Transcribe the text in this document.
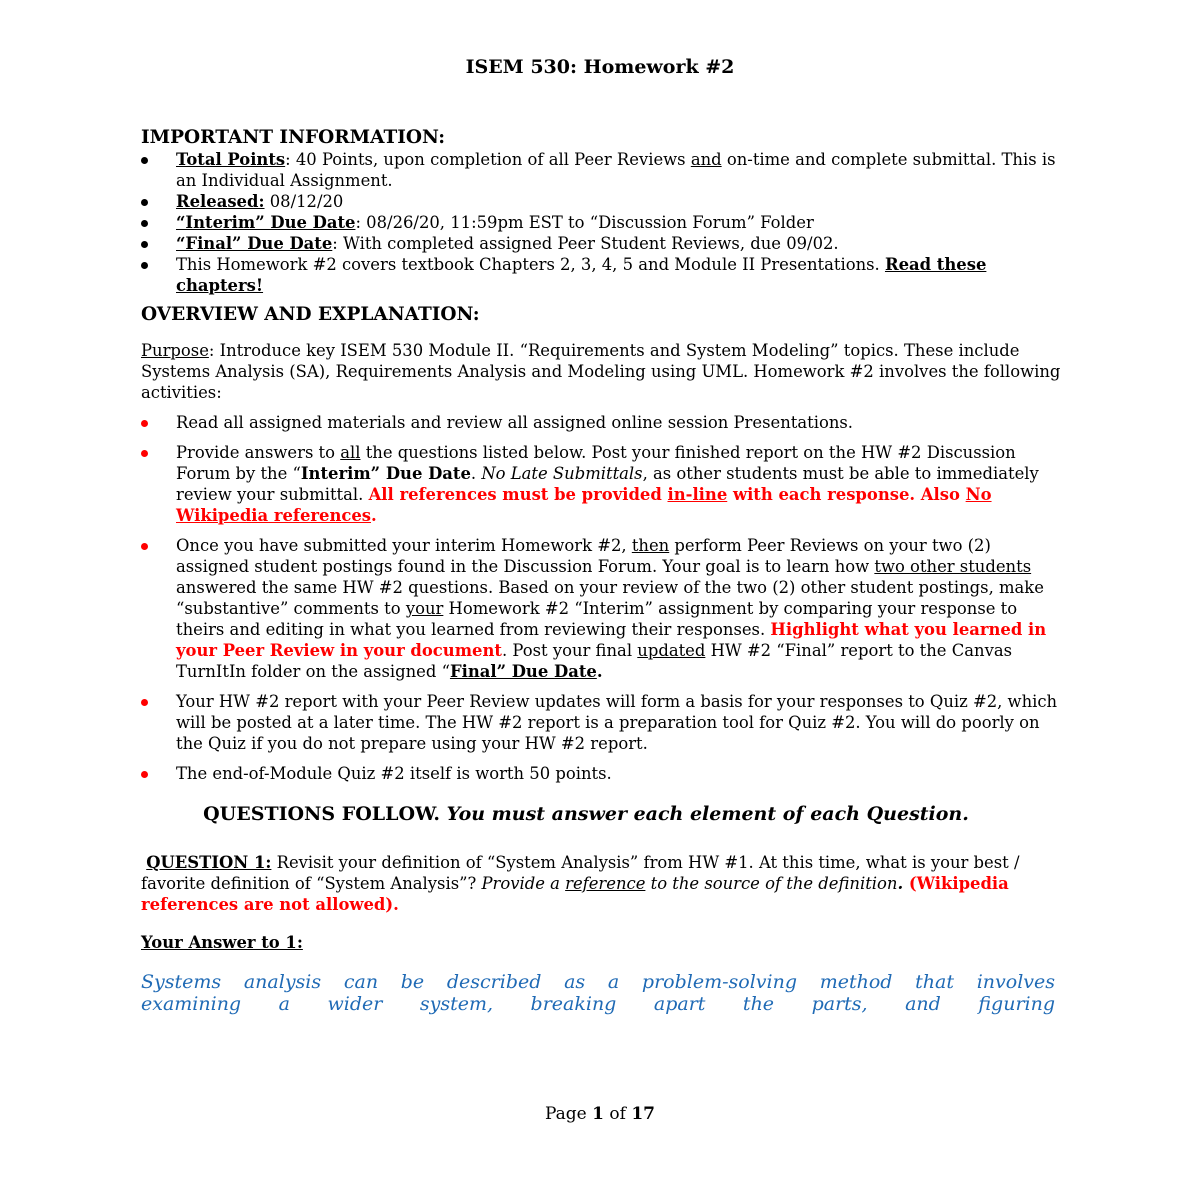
ISEM 530: Homework #2
IMPORTANT INFORMATION:
Total Points: 40 Points, upon completion of all Peer Reviews and on-time and complete submittal. This is an Individual Assignment.
Released: 08/12/20
“Interim” Due Date: 08/26/20, 11:59pm EST to “Discussion Forum” Folder
“Final” Due Date: With completed assigned Peer Student Reviews, due 09/02.
This Homework #2 covers textbook Chapters 2, 3, 4, 5 and Module II Presentations. Read these chapters!
OVERVIEW AND EXPLANATION:

Purpose: Introduce key ISEM 530 Module II. “Requirements and System Modeling” topics. These include Systems Analysis (SA), Requirements Analysis and Modeling using UML. Homework #2 involves the following activities:

Read all assigned materials and review all assigned online session Presentations.
Provide answers to all the questions listed below. Post your finished report on the HW #2 Discussion Forum by the “Interim” Due Date. No Late Submittals, as other students must be able to immediately review your submittal. All references must be provided in-line with each response. Also No Wikipedia references.
Once you have submitted your interim Homework #2, then perform Peer Reviews on your two (2) assigned student postings found in the Discussion Forum. Your goal is to learn how two other students answered the same HW #2 questions. Based on your review of the two (2) other student postings, make “substantive” comments to your Homework #2 “Interim” assignment by comparing your response to theirs and editing in what you learned from reviewing their responses. Highlight what you learned in your Peer Review in your document. Post your final updated HW #2 “Final” report to the Canvas TurnItIn folder on the assigned “Final” Due Date.
Your HW #2 report with your Peer Review updates will form a basis for your responses to Quiz #2, which will be posted at a later time. The HW #2 report is a preparation tool for Quiz #2. You will do poorly on the Quiz if you do not prepare using your HW #2 report.
The end-of-Module Quiz #2 itself is worth 50 points.

QUESTIONS FOLLOW. You must answer each element of each Question.

QUESTION 1: Revisit your definition of “System Analysis” from HW #1. At this time, what is your best / favorite definition of “System Analysis”? Provide a reference to the source of the definition. (Wikipedia references are not allowed).

Your Answer to 1:

Systems analysis can be described as a problem-solving method that involves examining a wider system, breaking apart the parts, and figuring

Page 1 of 17
